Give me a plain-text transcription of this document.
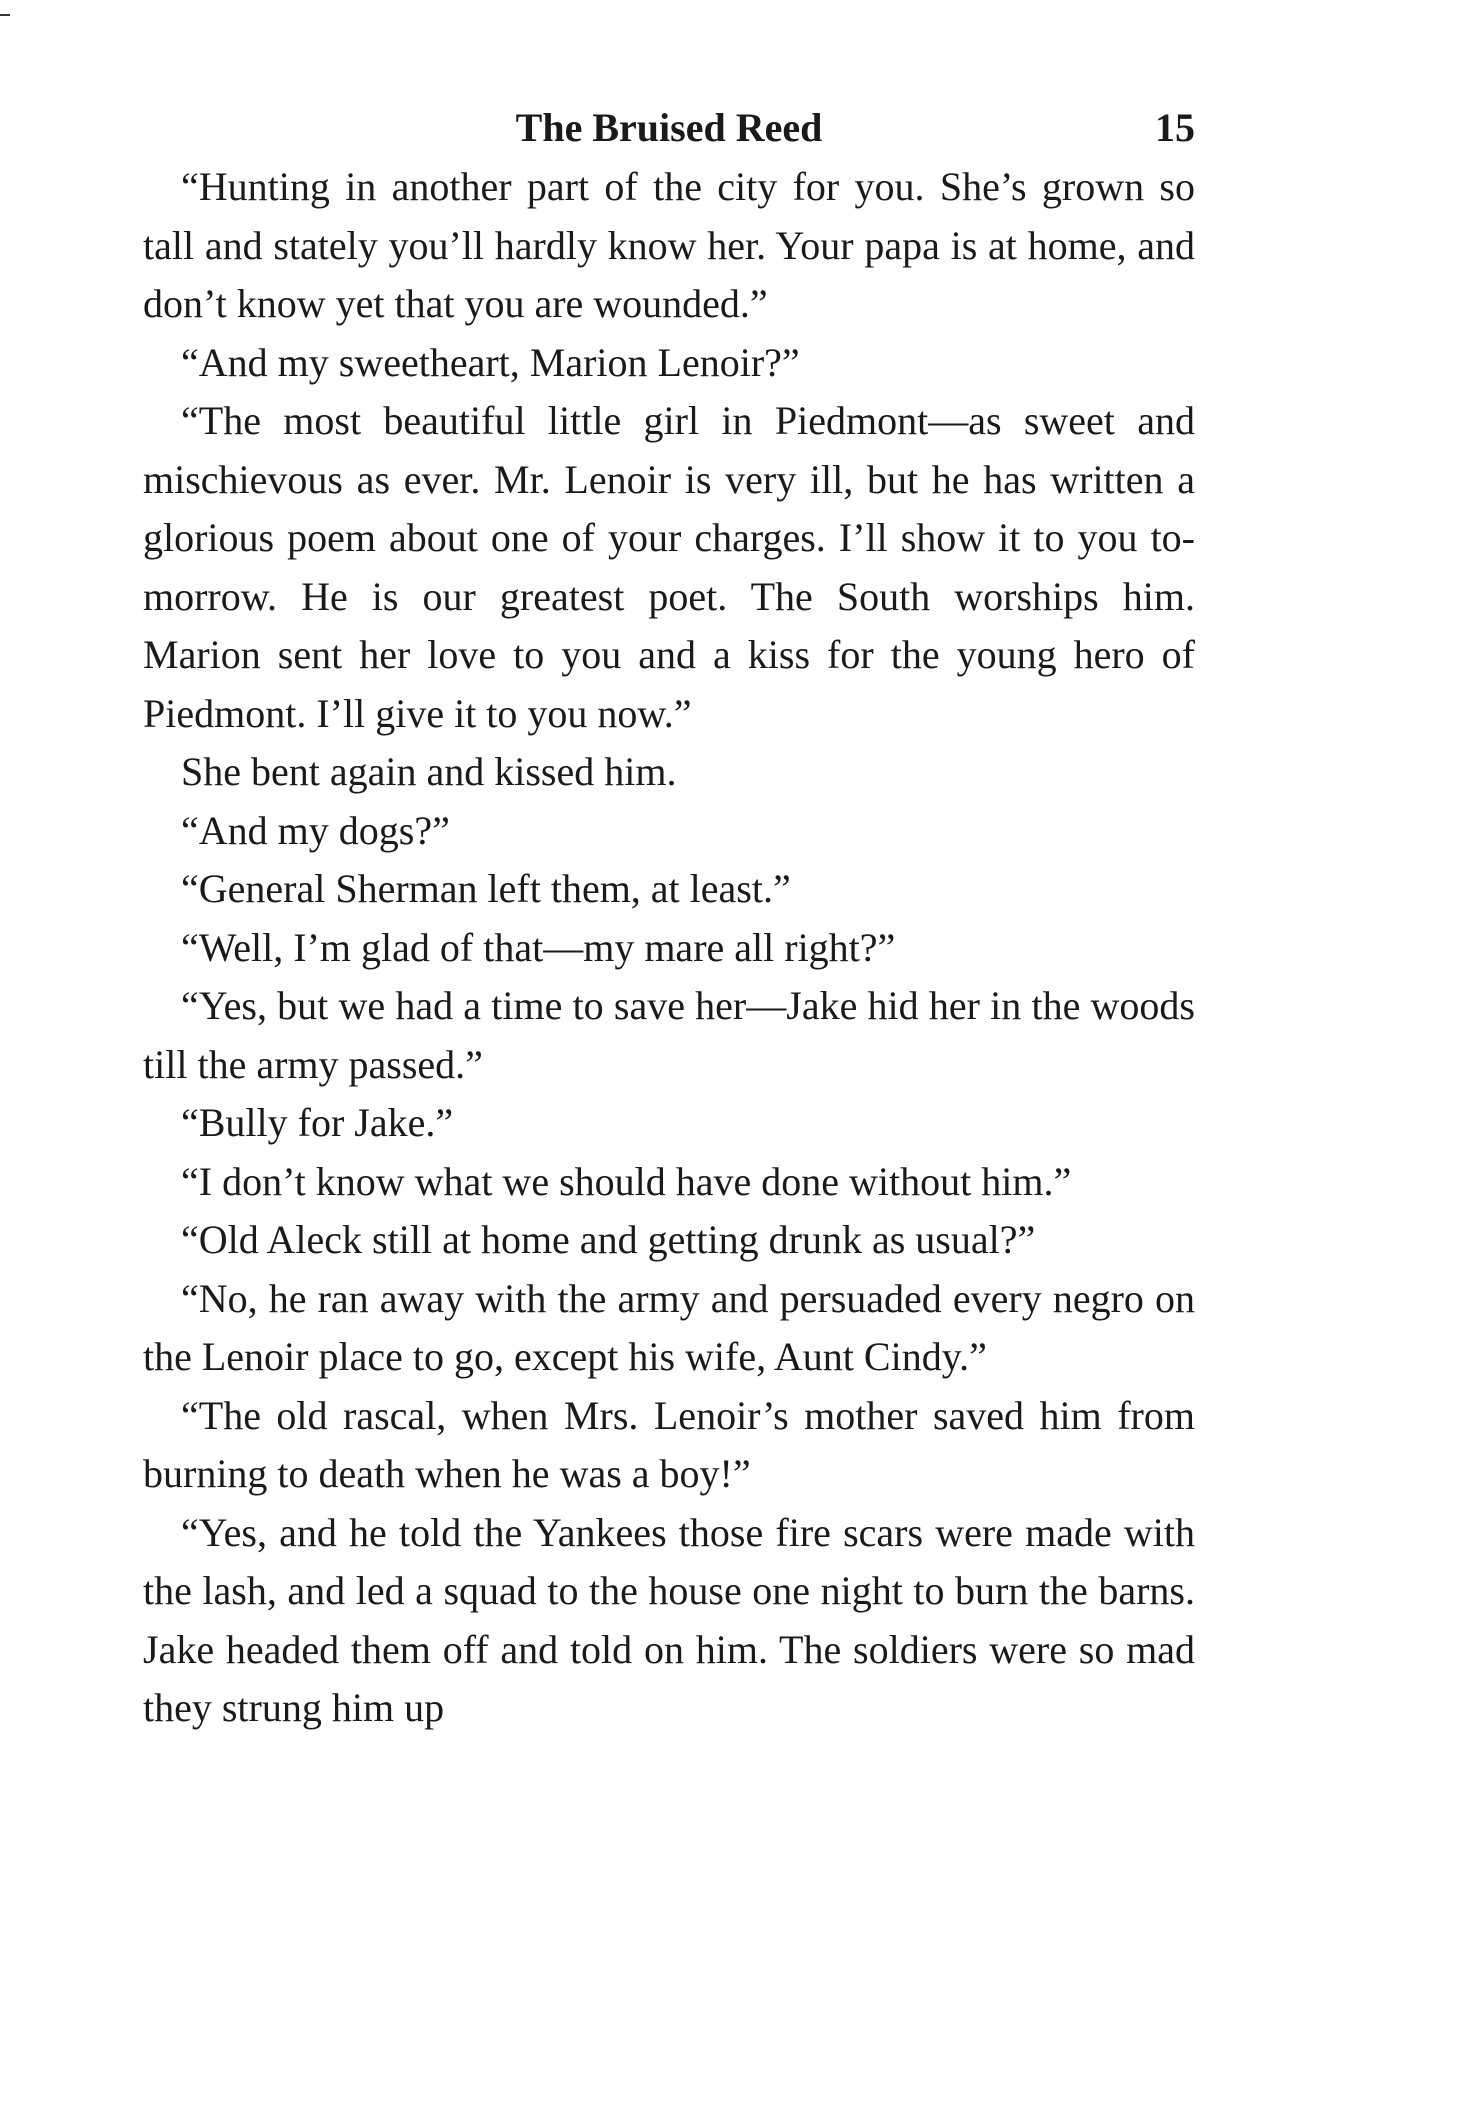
The Bruised Reed	15

“Hunting in another part of the city for you. She’s grown so tall and stately you’ll hardly know her. Your papa is at home, and don’t know yet that you are wounded.”

“And my sweetheart, Marion Lenoir?”

“The most beautiful little girl in Piedmont—as sweet and mischievous as ever. Mr. Lenoir is very ill, but he has written a glorious poem about one of your charges. I’ll show it to you to-morrow. He is our greatest poet. The South worships him. Marion sent her love to you and a kiss for the young hero of Piedmont. I’ll give it to you now.”

She bent again and kissed him.

“And my dogs?”

“General Sherman left them, at least.”

“Well, I’m glad of that—my mare all right?”

“Yes, but we had a time to save her—Jake hid her in the woods till the army passed.”

“Bully for Jake.”

“I don’t know what we should have done without him.”

“Old Aleck still at home and getting drunk as usual?”

“No, he ran away with the army and persuaded every negro on the Lenoir place to go, except his wife, Aunt Cindy.”

“The old rascal, when Mrs. Lenoir’s mother saved him from burning to death when he was a boy!”

“Yes, and he told the Yankees those fire scars were made with the lash, and led a squad to the house one night to burn the barns. Jake headed them off and told on him. The soldiers were so mad they strung him up
